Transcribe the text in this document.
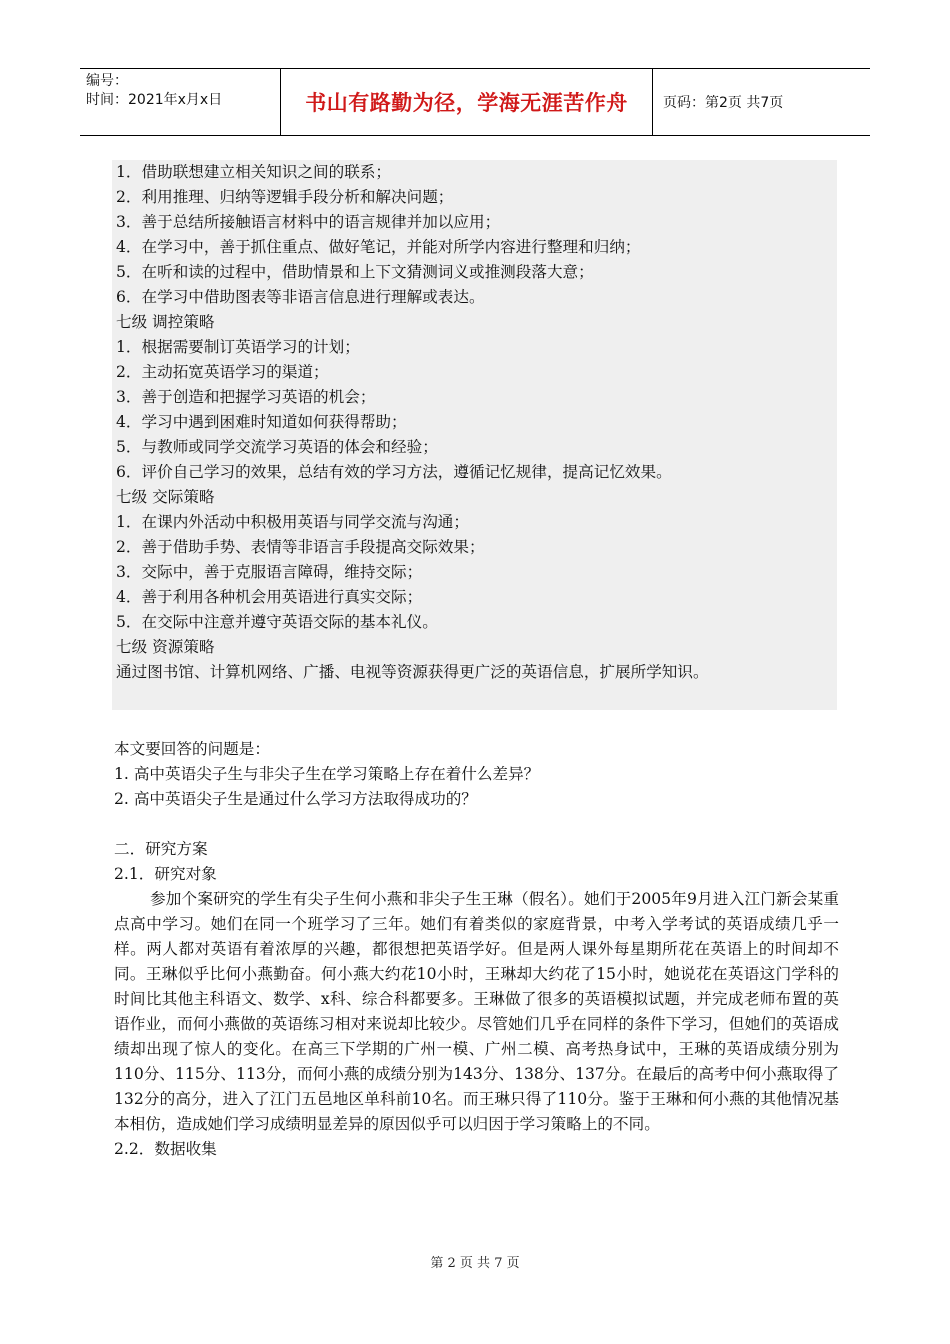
编号：
时间：2021年x月x日	书山有路勤为径，学海无涯苦作舟	页码：第2页 共7页
1．借助联想建立相关知识之间的联系；
2．利用推理、归纳等逻辑手段分析和解决问题；
3．善于总结所接触语言材料中的语言规律并加以应用；
4．在学习中，善于抓住重点、做好笔记，并能对所学内容进行整理和归纳；
5．在听和读的过程中，借助情景和上下文猜测词义或推测段落大意；
6．在学习中借助图表等非语言信息进行理解或表达。
七级 调控策略
1．根据需要制订英语学习的计划；
2．主动拓宽英语学习的渠道；
3．善于创造和把握学习英语的机会；
4．学习中遇到困难时知道如何获得帮助；
5．与教师或同学交流学习英语的体会和经验；
6．评价自己学习的效果，总结有效的学习方法，遵循记忆规律，提高记忆效果。
七级 交际策略
1．在课内外活动中积极用英语与同学交流与沟通；
2．善于借助手势、表情等非语言手段提高交际效果；
3．交际中，善于克服语言障碍，维持交际；
4．善于利用各种机会用英语进行真实交际；
5．在交际中注意并遵守英语交际的基本礼仪。
七级 资源策略
通过图书馆、计算机网络、广播、电视等资源获得更广泛的英语信息，扩展所学知识。
本文要回答的问题是：
1. 高中英语尖子生与非尖子生在学习策略上存在着什么差异？
2. 高中英语尖子生是通过什么学习方法取得成功的？
二．研究方案
2.1．研究对象
参加个案研究的学生有尖子生何小燕和非尖子生王琳（假名）。她们于2005年9月进入江门新会某重点高中学习。她们在同一个班学习了三年。她们有着类似的家庭背景，中考入学考试的英语成绩几乎一样。两人都对英语有着浓厚的兴趣，都很想把英语学好。但是两人课外每星期所花在英语上的时间却不同。王琳似乎比何小燕勤奋。何小燕大约花10小时，王琳却大约花了15小时，她说花在英语这门学科的时间比其他主科语文、数学、x科、综合科都要多。王琳做了很多的英语模拟试题，并完成老师布置的英语作业，而何小燕做的英语练习相对来说却比较少。尽管她们几乎在同样的条件下学习，但她们的英语成绩却出现了惊人的变化。在高三下学期的广州一模、广州二模、高考热身试中，王琳的英语成绩分别为110分、115分、113分，而何小燕的成绩分别为143分、138分、137分。在最后的高考中何小燕取得了132分的高分，进入了江门五邑地区单科前10名。而王琳只得了110分。鉴于王琳和何小燕的其他情况基本相仿，造成她们学习成绩明显差异的原因似乎可以归因于学习策略上的不同。
2.2．数据收集
第 2 页 共 7 页
